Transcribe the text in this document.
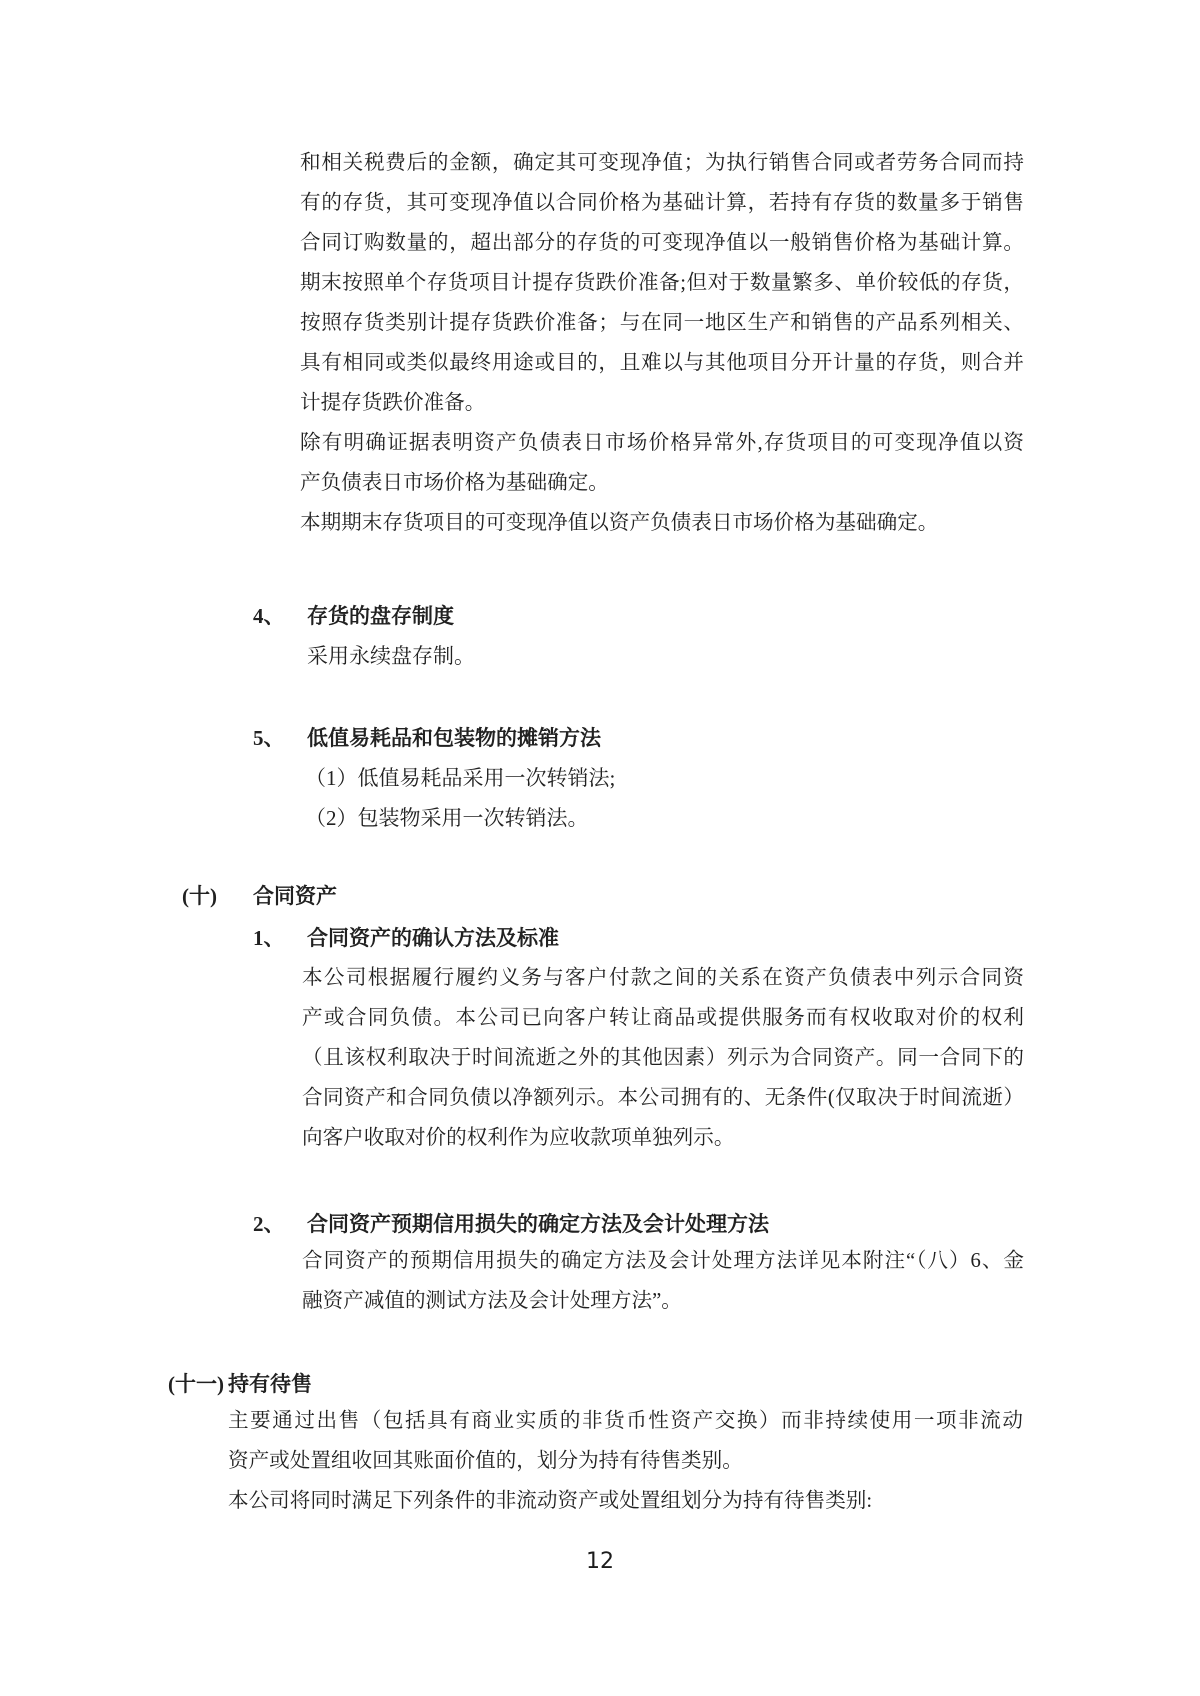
和相关税费后的金额，确定其可变现净值；为执行销售合同或者劳务合同而持
有的存货，其可变现净值以合同价格为基础计算，若持有存货的数量多于销售
合同订购数量的，超出部分的存货的可变现净值以一般销售价格为基础计算。
期末按照单个存货项目计提存货跌价准备;但对于数量繁多、单价较低的存货，
按照存货类别计提存货跌价准备；与在同一地区生产和销售的产品系列相关、
具有相同或类似最终用途或目的，且难以与其他项目分开计量的存货，则合并
计提存货跌价准备。
除有明确证据表明资产负债表日市场价格异常外,存货项目的可变现净值以资
产负债表日市场价格为基础确定。
本期期末存货项目的可变现净值以资产负债表日市场价格为基础确定。
4、 存货的盘存制度
采用永续盘存制。
5、 低值易耗品和包装物的摊销方法
（1）低值易耗品采用一次转销法;
（2）包装物采用一次转销法。
(十) 合同资产
1、 合同资产的确认方法及标准
本公司根据履行履约义务与客户付款之间的关系在资产负债表中列示合同资
产或合同负债。本公司已向客户转让商品或提供服务而有权收取对价的权利
（且该权利取决于时间流逝之外的其他因素）列示为合同资产。同一合同下的
合同资产和合同负债以净额列示。本公司拥有的、无条件(仅取决于时间流逝）
向客户收取对价的权利作为应收款项单独列示。
2、 合同资产预期信用损失的确定方法及会计处理方法
合同资产的预期信用损失的确定方法及会计处理方法详见本附注“（八）6、金
融资产减值的测试方法及会计处理方法”。
(十一) 持有待售
主要通过出售（包括具有商业实质的非货币性资产交换）而非持续使用一项非流动
资产或处置组收回其账面价值的，划分为持有待售类别。
本公司将同时满足下列条件的非流动资产或处置组划分为持有待售类别:
12
